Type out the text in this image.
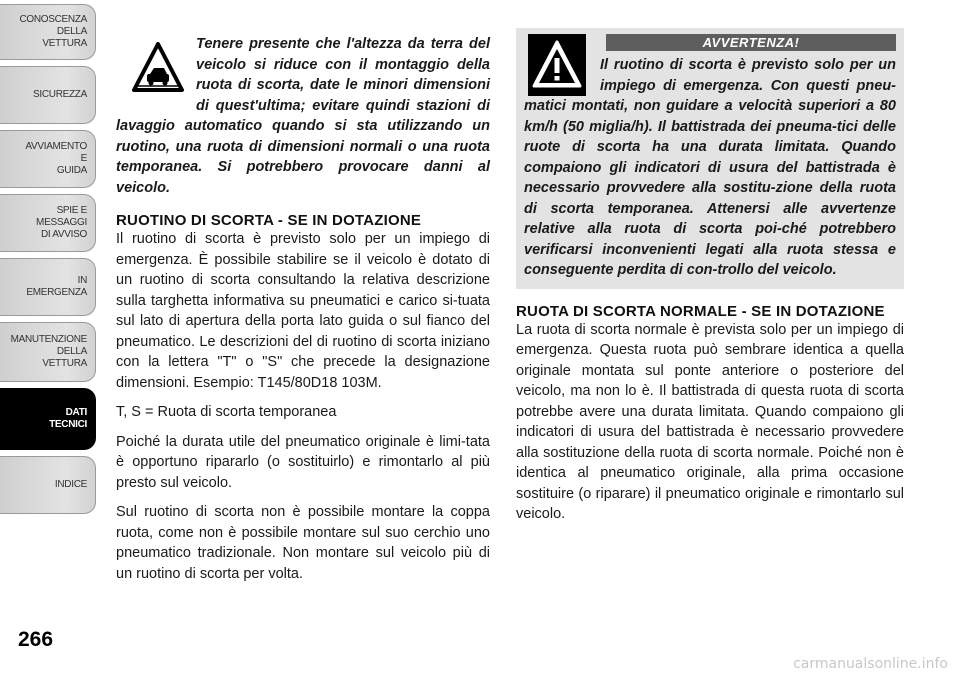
CONOSCENZA
DELLA
VETTURA
SICUREZZA
AVVIAMENTO
E
GUIDA
SPIE E
MESSAGGI
DI AVVISO
IN
EMERGENZA
MANUTENZIONE
DELLA
VETTURA
DATI
TECNICI
INDICE
266

Tenere presente che l'altezza da terra del veicolo si riduce con il montaggio della ruota di scorta, date le minori dimensioni di quest'ultima; evitare quindi stazioni di lavaggio automatico quando si sta utilizzando un ruotino, una ruota di dimensioni normali o una ruota temporanea. Si potrebbero provocare danni al veicolo.

RUOTINO DI SCORTA - SE IN DOTAZIONE

Il ruotino di scorta è previsto solo per un impiego di emergenza. È possibile stabilire se il veicolo è dotato di un ruotino di scorta consultando la relativa descrizione sulla targhetta informativa su pneumatici e carico si-tuata sul lato di apertura della porta lato guida o sul fianco del pneumatico. Le descrizioni del di ruotino di scorta iniziano con la lettera "T" o "S" che precede la designazione dimensioni. Esempio: T145/80D18 103M.

T, S = Ruota di scorta temporanea

Poiché la durata utile del pneumatico originale è limi-tata è opportuno ripararlo (o sostituirlo) e rimontarlo al più presto sul veicolo.

Sul ruotino di scorta non è possibile montare la coppa ruota, come non è possibile montare sul suo cerchio uno pneumatico tradizionale. Non montare sul veicolo più di un ruotino di scorta per volta.

AVVERTENZA!

Il ruotino di scorta è previsto solo per un impiego di emergenza. Con questi pneu-matici montati, non guidare a velocità superiori a 80 km/h (50 miglia/h). Il battistrada dei pneuma-tici delle ruote di scorta ha una durata limitata. Quando compaiono gli indicatori di usura del battistrada è necessario provvedere alla sostitu-zione della ruota di scorta temporanea. Attenersi alle avvertenze relative alla ruota di scorta poi-ché potrebbero verificarsi inconvenienti legati alla ruota stessa e conseguente perdita di con-trollo del veicolo.

RUOTA DI SCORTA NORMALE - SE IN DOTAZIONE

La ruota di scorta normale è prevista solo per un impiego di emergenza. Questa ruota può sembrare identica a quella originale montata sul ponte anteriore o posteriore del veicolo, ma non lo è. Il battistrada di questa ruota di scorta potrebbe avere una durata limitata. Quando compaiono gli indicatori di usura del battistrada è necessario provvedere alla sostituzione della ruota di scorta normale. Poiché non è identica al pneumatico originale, alla prima occasione sostituire (o riparare) il pneumatico originale e rimontarlo sul veicolo.

carmanualsonline.info
